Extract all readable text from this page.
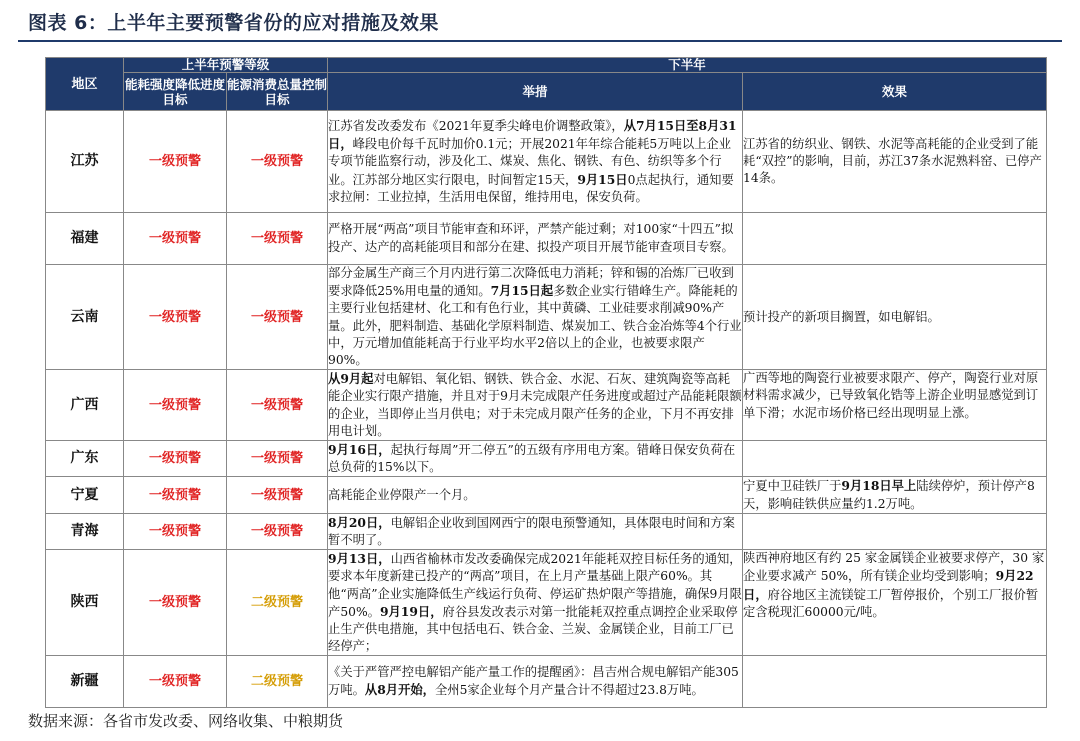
图表 6：上半年主要预警省份的应对措施及效果
地区	上半年预警等级		下半年	
	能耗强度降低进度目标	能源消费总量控制目标	举措	效果
江苏	一级预警	一级预警	江苏省发改委发布《2021年夏季尖峰电价调整政策》，从7月15日至8月31日，峰段电价每千瓦时加价0.1元；开展2021年年综合能耗5万吨以上企业专项节能监察行动，涉及化工、煤炭、焦化、钢铁、有色、纺织等多个行业。江苏部分地区实行限电，时间暂定15天，9月15日0点起执行，通知要求拉闸：工业拉掉，生活用电保留，维持用电，保安负荷。	江苏省的纺织业、钢铁、水泥等高耗能的企业受到了能耗“双控”的影响，目前，苏江37条水泥熟料窑、已停产14条。
福建	一级预警	一级预警	严格开展“两高”项目节能审查和环评，严禁产能过剩；对100家“十四五”拟投产、达产的高耗能项目和部分在建、拟投产项目开展节能审查项目专察。	
云南	一级预警	一级预警	部分金属生产商三个月内进行第二次降低电力消耗；锌和锡的冶炼厂已收到要求降低25%用电量的通知。7月15日起多数企业实行错峰生产。降能耗的主要行业包括建材、化工和有色行业，其中黄磷、工业硅要求削减90%产量。此外，肥料制造、基础化学原料制造、煤炭加工、铁合金冶炼等4个行业中，万元增加值能耗高于行业平均水平2倍以上的企业，也被要求限产90%。	预计投产的新项目搁置，如电解铝。
广西	一级预警	一级预警	从9月起对电解铝、氧化铝、钢铁、铁合金、水泥、石灰、建筑陶瓷等高耗能企业实行限产措施，并且对于9月未完成限产任务进度或超过产品能耗限额的企业，当即停止当月供电；对于未完成月限产任务的企业，下月不再安排用电计划。	广西等地的陶瓷行业被要求限产、停产，陶瓷行业对原材料需求减少，已导致氧化锆等上游企业明显感觉到订单下滑；水泥市场价格已经出现明显上涨。
广东	一级预警	一级预警	9月16日，起执行每周”开二停五”的五级有序用电方案。错峰日保安负荷在总负荷的15%以下。	
宁夏	一级预警	一级预警	高耗能企业停限产一个月。	宁夏中卫硅铁厂于9月18日早上陆续停炉，预计停产8天，影响硅铁供应量约1.2万吨。
青海	一级预警	一级预警	8月20日，电解铝企业收到国网西宁的限电预警通知，具体限电时间和方案暂不明了。	
陕西	一级预警	二级预警	9月13日，山西省榆林市发改委确保完成2021年能耗双控目标任务的通知，要求本年度新建已投产的“两高”项目，在上月产量基础上限产60%。其他“两高”企业实施降低生产线运行负荷、停运矿热炉限产等措施，确保9月限产50%。9月19日，府谷县发改表示对第一批能耗双控重点调控企业采取停止生产供电措施，其中包括电石、铁合金、兰炭、金属镁企业，目前工厂已经停产；	陕西神府地区有约 25 家金属镁企业被要求停产，30 家企业要求减产 50%，所有镁企业均受到影响；9月22日，府谷地区主流镁锭工厂暂停报价，个别工厂报价暂定含税现汇60000元/吨。
新疆	一级预警	二级预警	《关于严管严控电解铝产能产量工作的提醒函》：昌吉州合规电解铝产能305万吨。从8月开始，全州5家企业每个月产量合计不得超过23.8万吨。	
数据来源：各省市发改委、网络收集、中粮期货
